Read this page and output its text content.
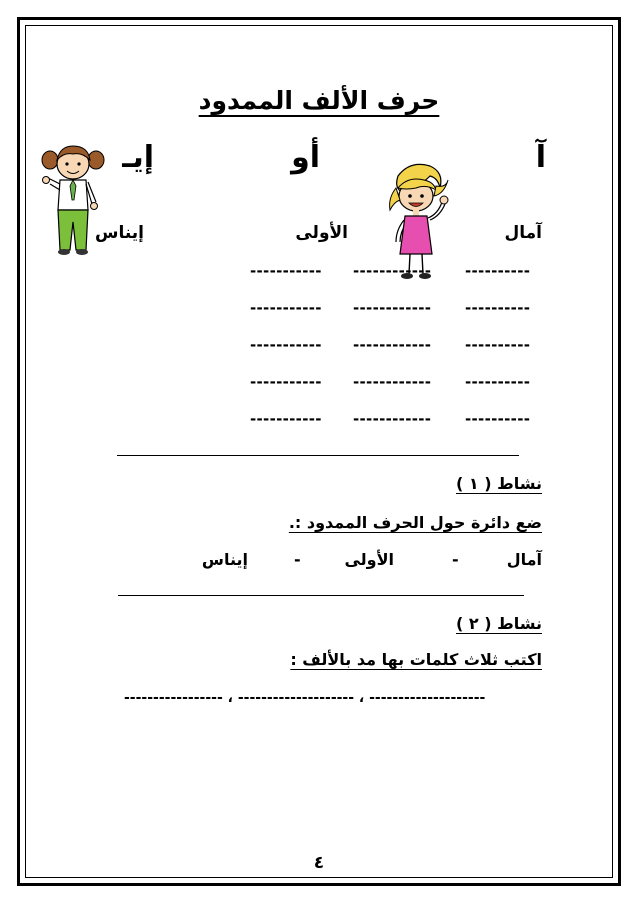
حرف الألف الممدود
آ
أو
إيـ
آمال
الأولى
إيناس
----------
------------
-----------
----------
------------
-----------
----------
------------
-----------
----------
------------
-----------
----------
------------
-----------
نشاط ( ١ )
ضع دائرة حول الحرف الممدود :.
آمال
-
الأولى
-
إيناس
نشاط ( ٢ )
اكتب ثلاث كلمات بها مد بالألف :
----------------- ، -------------------- ، --------------------
٤
